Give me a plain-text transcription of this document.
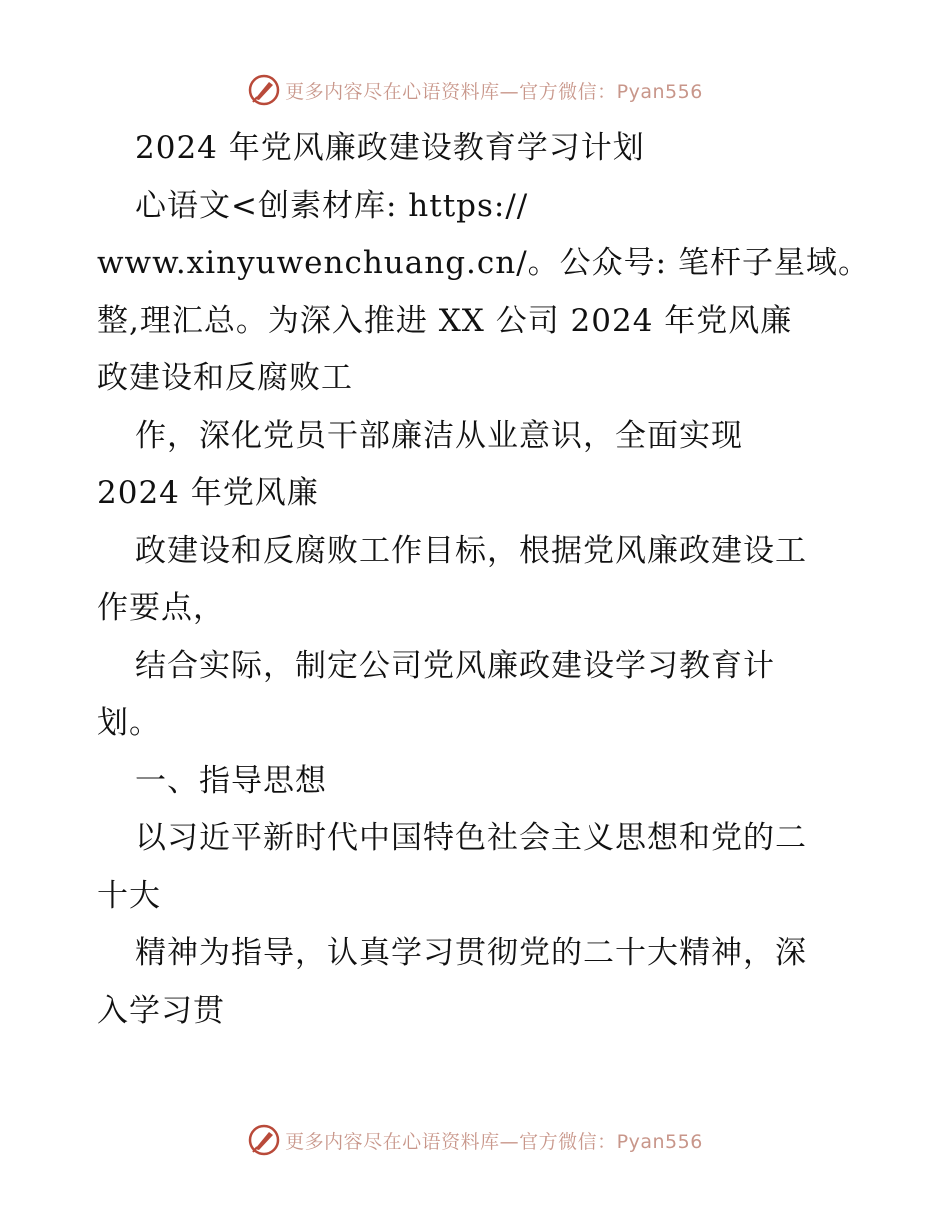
更多内容尽在心语资料库—官方微信：Pyan556
2024 年党风廉政建设教育学习计划
心语文<创素材库: https://
www.xinyuwenchuang.cn/。公众号: 笔杆子星域。
整,理汇总。为深入推进 XX 公司 2024 年党风廉
政建设和反腐败工
作，深化党员干部廉洁从业意识，全面实现
2024 年党风廉
政建设和反腐败工作目标，根据党风廉政建设工
作要点，
结合实际，制定公司党风廉政建设学习教育计
划。
一、指导思想
以习近平新时代中国特色社会主义思想和党的二
十大
精神为指导，认真学习贯彻党的二十大精神，深
入学习贯
更多内容尽在心语资料库—官方微信：Pyan556
